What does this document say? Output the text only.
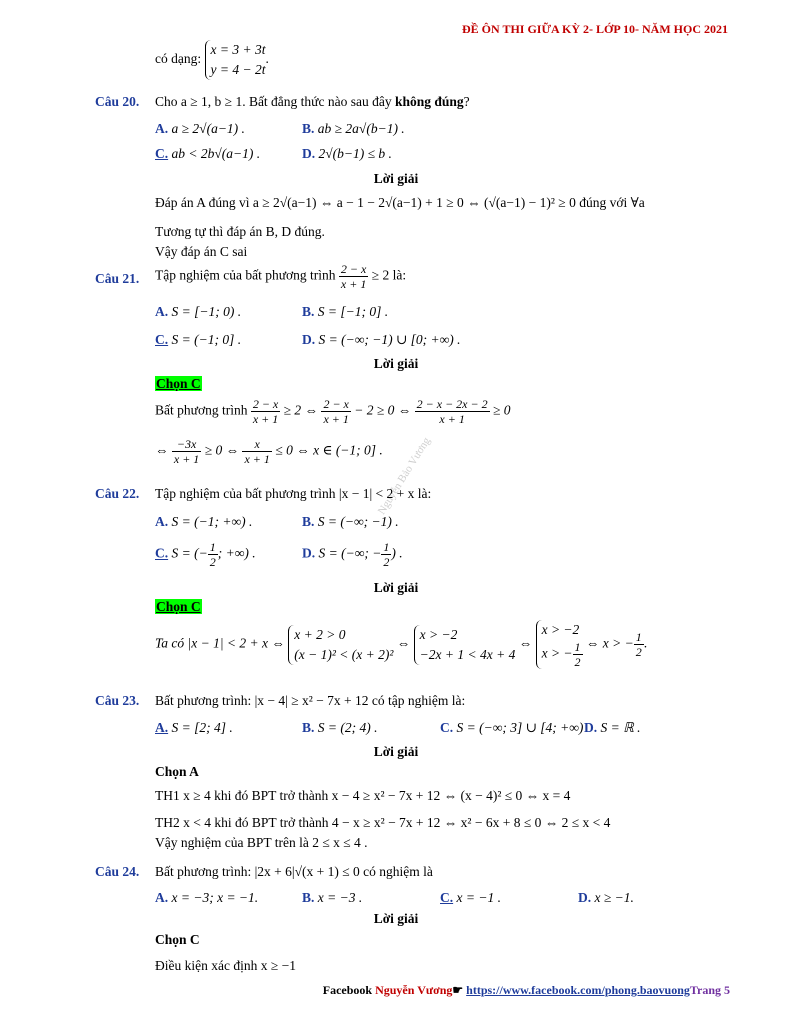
ĐỀ ÔN THI GIỮA KỲ 2- LỚP 10- NĂM HỌC 2021
có dạng:
x = 3 + 3t
y = 4 − 2t
.
Câu 20. Cho a ≥ 1, b ≥ 1. Bất đẳng thức nào sau đây không đúng?
A. a ≥ 2√(a−1) .	B. ab ≥ 2a√(b−1) .
C. ab < 2b√(a−1) .	D. 2√(b−1) ≤ b .
Lời giải
Đáp án A đúng vì a ≥ 2√(a−1) ⇔ a − 1 − 2√(a−1) + 1 ≥ 0 ⇔ (√(a−1) − 1)² ≥ 0 đúng với ∀a
Tương tự thì đáp án B, D đúng.
Vậy đáp án C sai
Câu 21. Tập nghiệm của bất phương trình $\frac{2 - x}{x + 1} \ge 2$ là:
A. S = [−1; 0) .	B. S = [−1; 0] .
C. S = (−1; 0] .	D. S = (−∞; −1) ∪ [0; +∞) .
Lời giải
Chọn C
Bất phương trình $\frac{2 - x}{x + 1} \ge 2$ ⇔ $\frac{2 - x}{x + 1} - 2 \ge 0$ ⇔ $\frac{2 - x - 2x - 2}{x + 1} \ge 0$
⇔ $\frac{-3x}{x + 1} \ge 0$ ⇔ $\frac{x}{x + 1} \le 0$ ⇔ x ∈ (−1; 0] .
Nguyễn Bảo Vương
Câu 22. Tập nghiệm của bất phương trình |x − 1| < 2 + x là:
A. S = (−1; +∞) .	B. S = (−∞; −1) .
C. S = (− $\frac{1}{2}$ ; +∞) .	D. S = (−∞; − $\frac{1}{2}$ ) .
Lời giải
Chọn C
Ta có |x − 1| < 2 + x ⇔
x + 2 > 0
(x − 1)² < (x + 2)²
⇔
x > −2
−2x + 1 < 4x + 4
⇔
x > −2
x > − $\frac{1}{2}$ ⇔ x > − $\frac{1}{2}$ .
Câu 23. Bất phương trình: |x − 4| ≥ x² − 7x + 12 có tập nghiệm là:
A. S = [2; 4] .	B. S = (2; 4) .	C. S = (−∞; 3] ∪ [4; +∞) D. S = ℝ .
Lời giải
Chọn A
TH1 x ≥ 4 khi đó BPT trở thành x − 4 ≥ x² − 7x + 12 ⇔ (x − 4)² ≤ 0 ⇔ x = 4
TH2 x < 4 khi đó BPT trở thành 4 − x ≥ x² − 7x + 12 ⇔ x² − 6x + 8 ≤ 0 ⇔ 2 ≤ x < 4
Vậy nghiệm của BPT trên là 2 ≤ x ≤ 4 .
Câu 24. Bất phương trình: |2x + 6|√(x + 1) ≤ 0 có nghiệm là
A. x = −3; x = −1.	B. x = −3 .	C. x = −1 .	D. x ≥ −1.
Lời giải
Chọn C
Điều kiện xác định x ≥ −1
Facebook Nguyễn Vương☛ https://www.facebook.com/phong.baovuongTrang 5
